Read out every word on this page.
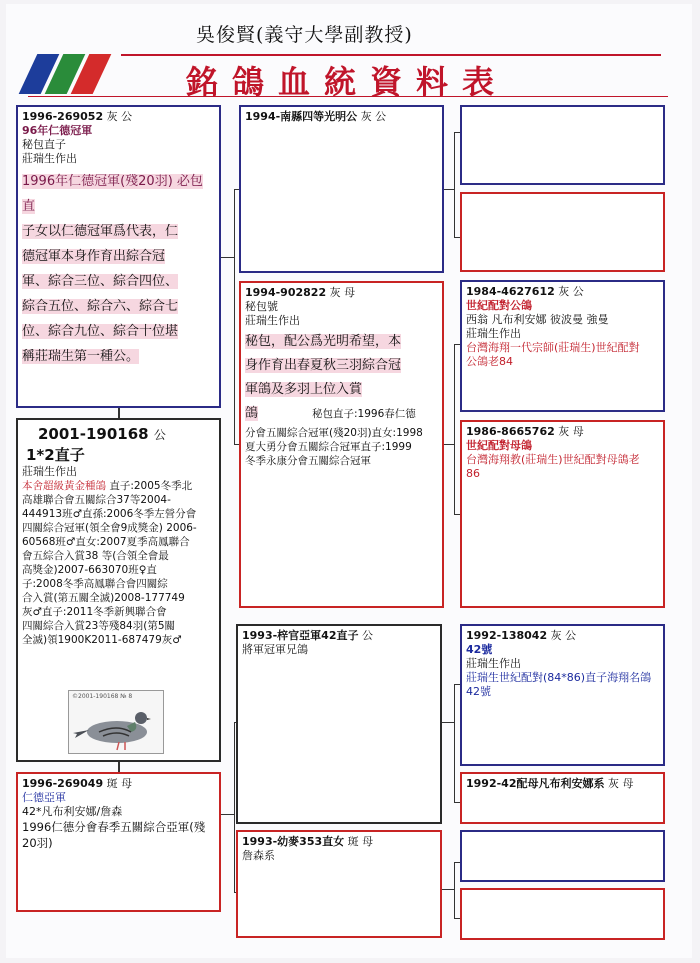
吳俊賢(義守大學副教授)
銘鴿血統資料表
1996-269052 灰 公
96年仁德冠軍
秘包直子
莊瑞生作出
1996年仁德冠軍(殘20羽) 必包直
子女以仁德冠軍爲代表，仁
德冠軍本身作育出綜合冠
軍、綜合三位、綜合四位、
綜合五位、綜合六、綜合七
位、綜合九位、綜合十位堪
稱莊瑞生第一種公。
2001-190168 公
1*2直子
莊瑞生作出
本舍超級黃金種鴿 直子:2005冬季北
高雄聯合會五關綜合37等2004-
444913班♂直孫:2006冬季左營分會
四關綜合冠軍(領全會9成獎金) 2006-
60568班♂直女:2007夏季高鳳聯合
會五綜合入賞38 等(合領全會最
高獎金)2007-663070班♀直
子:2008冬季高鳳聯合會四關綜
合入賞(第五關全滅)2008-177749
灰♂直子:2011冬季新興聯合會
四關綜合入賞23等殘84羽(第5關
全滅)領1900K2011-687479灰♂
©2001-190168 № 8
1996-269049 斑 母
仁德亞軍
42*凡布利安娜/詹森
1996仁德分會春季五關綜合亞軍(殘
20羽)
1994-南縣四等光明公 灰 公
1994-902822 灰 母
秘包號
莊瑞生作出
秘包，配公爲光明希望，本
身作育出春夏秋三羽綜合冠
軍鴿及多羽上位入賞
鴿	秘包直子:1996春仁德
分會五關綜合冠軍(殘20羽)直女:1998
夏大勇分會五關綜合冠軍直子:1999
冬季永康分會五關綜合冠軍
1993-梓官亞軍42直子 公
將軍冠軍兄鴿
1993-幼麥353直女 斑 母
詹森系
1984-4627612 灰 公
世紀配對公鴿
西翁 凡布利安娜 彼波曼 強曼
莊瑞生作出
台灣海翔一代宗師(莊瑞生)世紀配對
公鴿老84
1986-8665762 灰 母
世紀配對母鴿
台灣海翔教(莊瑞生)世紀配對母鴿老
86
1992-138042 灰 公
42號
莊瑞生作出
莊瑞生世紀配對(84*86)直子海翔名鴿
42號
1992-42配母凡布利安娜系 灰 母
